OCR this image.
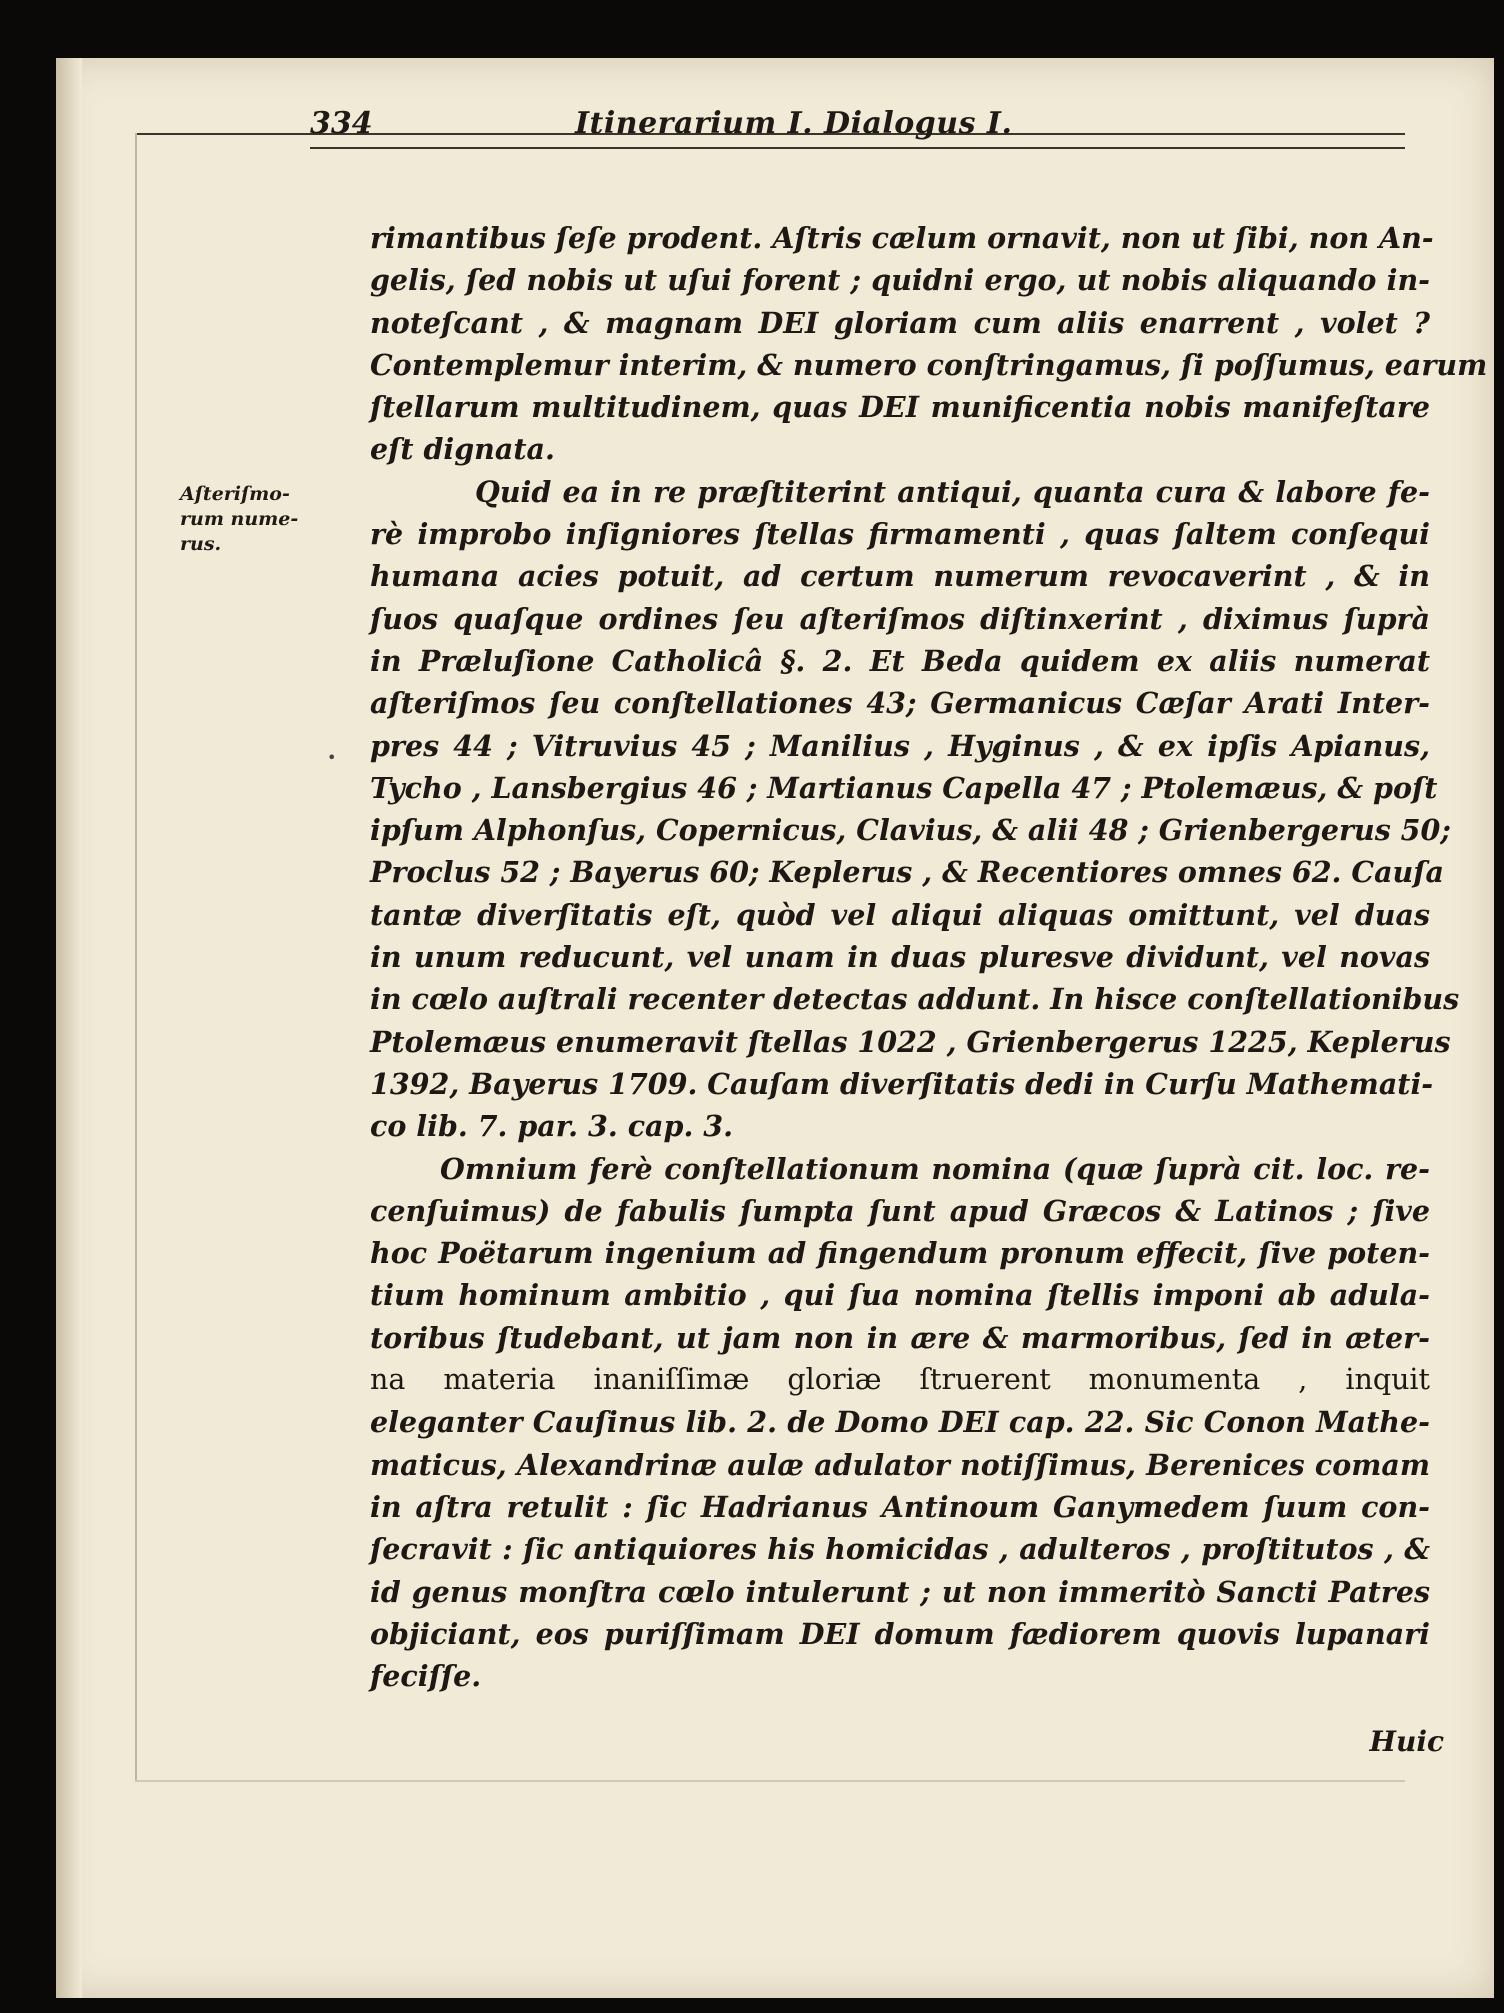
334	Itinerarium I. Dialogus I.
Aſteriſmo-
rum nume-
rus.
•
rimantibus ſeſe prodent. Aſtris cælum ornavit, non ut ſibi, non An-
gelis, ſed nobis ut uſui forent ; quidni ergo, ut nobis aliquando in-
noteſcant , & magnam DEI gloriam cum aliis enarrent , volet ?
Contemplemur interim, & numero conſtringamus, ſi poſſumus, earum
ſtellarum multitudinem, quas DEI munificentia nobis manifeſtare
eſt dignata.
Quid ea in re præſtiterint antiqui, quanta cura & labore fe-
rè improbo inſigniores ſtellas firmamenti , quas ſaltem conſequi
humana acies potuit, ad certum numerum revocaverint , & in
ſuos quaſque ordines ſeu aſteriſmos diſtinxerint , diximus ſuprà
in Præluſione Catholicâ §. 2. Et Beda quidem ex aliis numerat
aſteriſmos ſeu conſtellationes 43; Germanicus Cæſar Arati Inter-
pres 44 ; Vitruvius 45 ; Manilius , Hyginus , & ex ipſis Apianus,
Tycho , Lansbergius 46 ; Martianus Capella 47 ; Ptolemæus, & poſt
ipſum Alphonſus, Copernicus, Clavius, & alii 48 ; Grienbergerus 50;
Proclus 52 ; Bayerus 60; Keplerus , & Recentiores omnes 62. Cauſa
tantæ diverſitatis eſt, quòd vel aliqui aliquas omittunt, vel duas
in unum reducunt, vel unam in duas pluresve dividunt, vel novas
in cœlo auſtrali recenter detectas addunt. In hisce conſtellationibus
Ptolemæus enumeravit ſtellas 1022 , Grienbergerus 1225, Keplerus
1392, Bayerus 1709. Cauſam diverſitatis dedi in Curſu Mathemati-
co lib. 7. par. 3. cap. 3.
Omnium ferè conſtellationum nomina (quæ ſuprà cit. loc. re-
cenſuimus) de fabulis ſumpta ſunt apud Græcos & Latinos ; ſive
hoc Poëtarum ingenium ad fingendum pronum effecit, ſive poten-
tium hominum ambitio , qui ſua nomina ſtellis imponi ab adula-
toribus ſtudebant, ut jam non in ære & marmoribus, ſed in æter-
na materia inaniſſimæ gloriæ ſtruerent monumenta , inquit
eleganter Cauſinus lib. 2. de Domo DEI cap. 22. Sic Conon Mathe-
maticus, Alexandrinæ aulæ adulator notiſſimus, Berenices comam
in aſtra retulit : ſic Hadrianus Antinoum Ganymedem ſuum con-
ſecravit : ſic antiquiores his homicidas , adulteros , proſtitutos , &
id genus monſtra cœlo intulerunt ; ut non immeritò Sancti Patres
objiciant, eos puriſſimam DEI domum fædiorem quovis lupanari
feciſſe.
Huic
